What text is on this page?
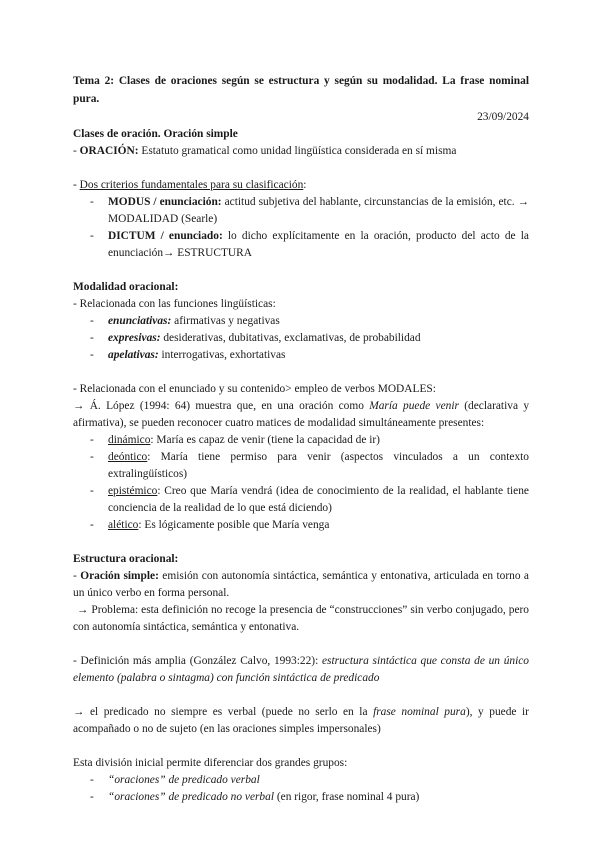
Tema 2: Clases de oraciones según se estructura y según su modalidad. La frase nominal pura.

23/09/2024

Clases de oración. Oración simple

- ORACIÓN: Estatuto gramatical como unidad lingüística considerada en sí misma

- Dos criterios fundamentales para su clasificación:

- MODUS / enunciación: actitud subjetiva del hablante, circunstancias de la emisión, etc. → MODALIDAD (Searle)
- DICTUM / enunciado: lo dicho explícitamente en la oración, producto del acto de la enunciación→ ESTRUCTURA

Modalidad oracional:

- Relacionada con las funciones lingüísticas:

- enunciativas: afirmativas y negativas
- expresivas: desiderativas, dubitativas, exclamativas, de probabilidad
- apelativas: interrogativas, exhortativas

- Relacionada con el enunciado y su contenido> empleo de verbos MODALES:

→ Á. López (1994: 64) muestra que, en una oración como María puede venir (declarativa y afirmativa), se pueden reconocer cuatro matices de modalidad simultáneamente presentes:

- dinámico: María es capaz de venir (tiene la capacidad de ir)
- deóntico: María tiene permiso para venir (aspectos vinculados a un contexto extralingüísticos)
- epistémico: Creo que María vendrá (idea de conocimiento de la realidad, el hablante tiene conciencia de la realidad de lo que está diciendo)
- alético: Es lógicamente posible que María venga

Estructura oracional:

- Oración simple: emisión con autonomía sintáctica, semántica y entonativa, articulada en torno a un único verbo en forma personal.

→ Problema: esta definición no recoge la presencia de “construcciones” sin verbo conjugado, pero con autonomía sintáctica, semántica y entonativa.

- Definición más amplia (González Calvo, 1993:22): estructura sintáctica que consta de un único elemento (palabra o sintagma) con función sintáctica de predicado

→ el predicado no siempre es verbal (puede no serlo en la frase nominal pura), y puede ir acompañado o no de sujeto (en las oraciones simples impersonales)

Esta división inicial permite diferenciar dos grandes grupos:

- “oraciones” de predicado verbal
- “oraciones” de predicado no verbal (en rigor, frase nominal 4 pura)
